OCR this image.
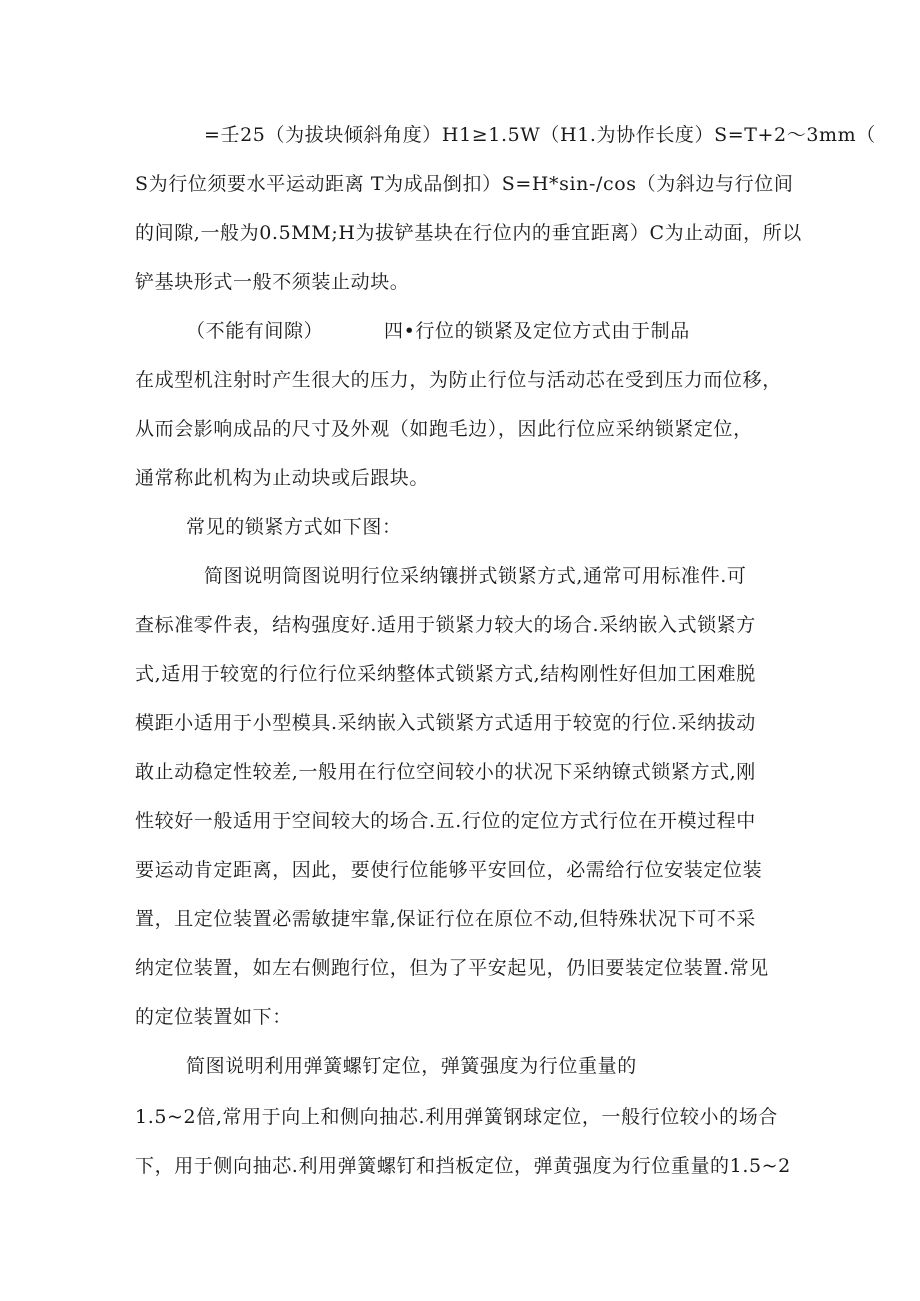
=壬25（为拔块倾斜角度）H1≥1.5W（H1.为协作长度）S=T+2～3mm（
S为行位须要水平运动距离 T为成品倒扣）S=H*sin-/cos（为斜边与行位间
的间隙,一般为0.5MM;H为拔铲基块在行位内的垂宜距离）C为止动面，所以
铲基块形式一般不须装止动块。
（不能有间隙）	四•行位的锁紧及定位方式由于制品
在成型机注射时产生很大的压力，为防止行位与活动芯在受到压力而位移，
从而会影响成品的尺寸及外观（如跑毛边），因此行位应采纳锁紧定位，
通常称此机构为止动块或后跟块。
常见的锁紧方式如下图：
简图说明筒图说明行位采纳镶拼式锁紧方式,通常可用标准件.可
查标准零件表，结构强度好.适用于锁紧力较大的场合.采纳嵌入式锁紧方
式,适用于较宽的行位行位采纳整体式锁紧方式,结构刚性好但加工困难脱
模距小适用于小型模具.采纳嵌入式锁紧方式适用于较宽的行位.采纳拔动
敢止动稳定性较差,一般用在行位空间较小的状况下采纳镣式锁紧方式,刚
性较好一般适用于空间较大的场合.五.行位的定位方式行位在开模过程中
要运动肯定距离，因此，要使行位能够平安回位，必需给行位安装定位装
置，且定位装置必需敏捷牢靠,保证行位在原位不动,但特殊状况下可不采
纳定位装置，如左右侧跑行位，但为了平安起见，仍旧要装定位装置.常见
的定位装置如下：
简图说明利用弹簧螺钉定位，弹簧强度为行位重量的
1.5~2倍,常用于向上和侧向抽芯.利用弹簧钢球定位，一般行位较小的场合
下，用于侧向抽芯.利用弹簧螺钉和挡板定位，弹黄强度为行位重量的1.5~2
